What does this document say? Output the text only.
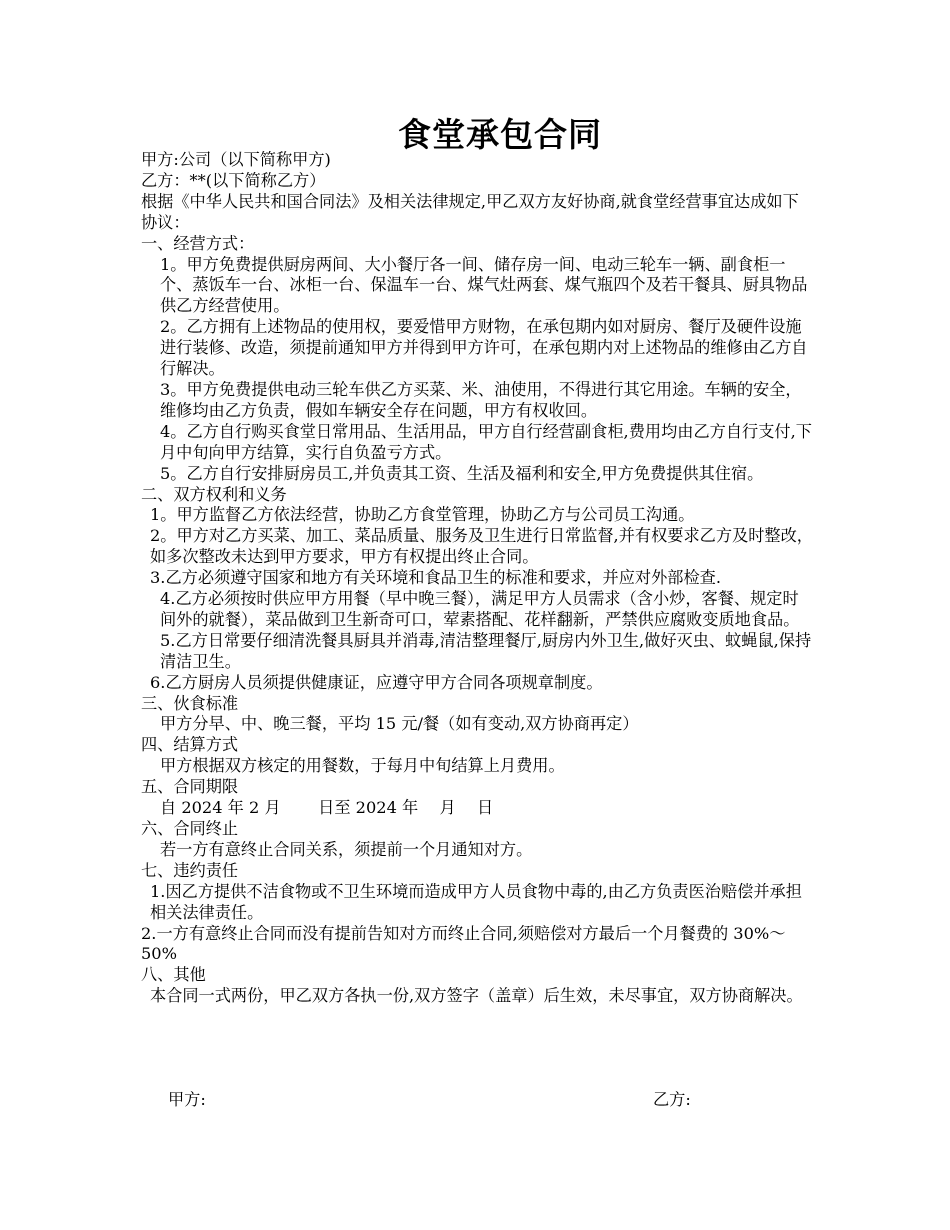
食堂承包合同

甲方:公司（以下简称甲方)

乙方：**(以下简称乙方）

根据《中华人民共和国合同法》及相关法律规定,甲乙双方友好协商,就食堂经营事宜达成如下协议：

一、经营方式：

1。甲方免费提供厨房两间、大小餐厅各一间、储存房一间、电动三轮车一辆、副食柜一个、蒸饭车一台、冰柜一台、保温车一台、煤气灶两套、煤气瓶四个及若干餐具、厨具物品供乙方经营使用。

2。乙方拥有上述物品的使用权，要爱惜甲方财物，在承包期内如对厨房、餐厅及硬件设施进行装修、改造，须提前通知甲方并得到甲方许可，在承包期内对上述物品的维修由乙方自行解决。

3。甲方免费提供电动三轮车供乙方买菜、米、油使用，不得进行其它用途。车辆的安全，维修均由乙方负责，假如车辆安全存在问题，甲方有权收回。

4。乙方自行购买食堂日常用品、生活用品，甲方自行经营副食柜,费用均由乙方自行支付,下月中旬向甲方结算，实行自负盈亏方式。

5。乙方自行安排厨房员工,并负责其工资、生活及福利和安全,甲方免费提供其住宿。

二、双方权利和义务

1。甲方监督乙方依法经营，协助乙方食堂管理，协助乙方与公司员工沟通。

2。甲方对乙方买菜、加工、菜品质量、服务及卫生进行日常监督,并有权要求乙方及时整改，如多次整改未达到甲方要求，甲方有权提出终止合同。

3.乙方必须遵守国家和地方有关环境和食品卫生的标准和要求，并应对外部检查.

4.乙方必须按时供应甲方用餐（早中晚三餐），满足甲方人员需求（含小炒，客餐、规定时间外的就餐），菜品做到卫生新奇可口，荤素搭配、花样翻新，严禁供应腐败变质地食品。

5.乙方日常要仔细清洗餐具厨具并消毒,清洁整理餐厅,厨房内外卫生,做好灭虫、蚊蝇鼠,保持清洁卫生。

6.乙方厨房人员须提供健康证，应遵守甲方合同各项规章制度。

三、伙食标准

甲方分早、中、晚三餐，平均 15 元/餐（如有变动,双方协商再定）

四、结算方式

甲方根据双方核定的用餐数，于每月中旬结算上月费用。

五、合同期限

自 2024 年 2 月　　 日至 2024 年　 月　 日

六、合同终止

若一方有意终止合同关系，须提前一个月通知对方。

七、违约责任

1.因乙方提供不洁食物或不卫生环境而造成甲方人员食物中毒的,由乙方负责医治赔偿并承担相关法律责任。

2.一方有意终止合同而没有提前告知对方而终止合同,须赔偿对方最后一个月餐费的 30%～50%

八、其他

本合同一式两份，甲乙双方各执一份,双方签字（盖章）后生效，未尽事宜，双方协商解决。

甲方:	乙方:
